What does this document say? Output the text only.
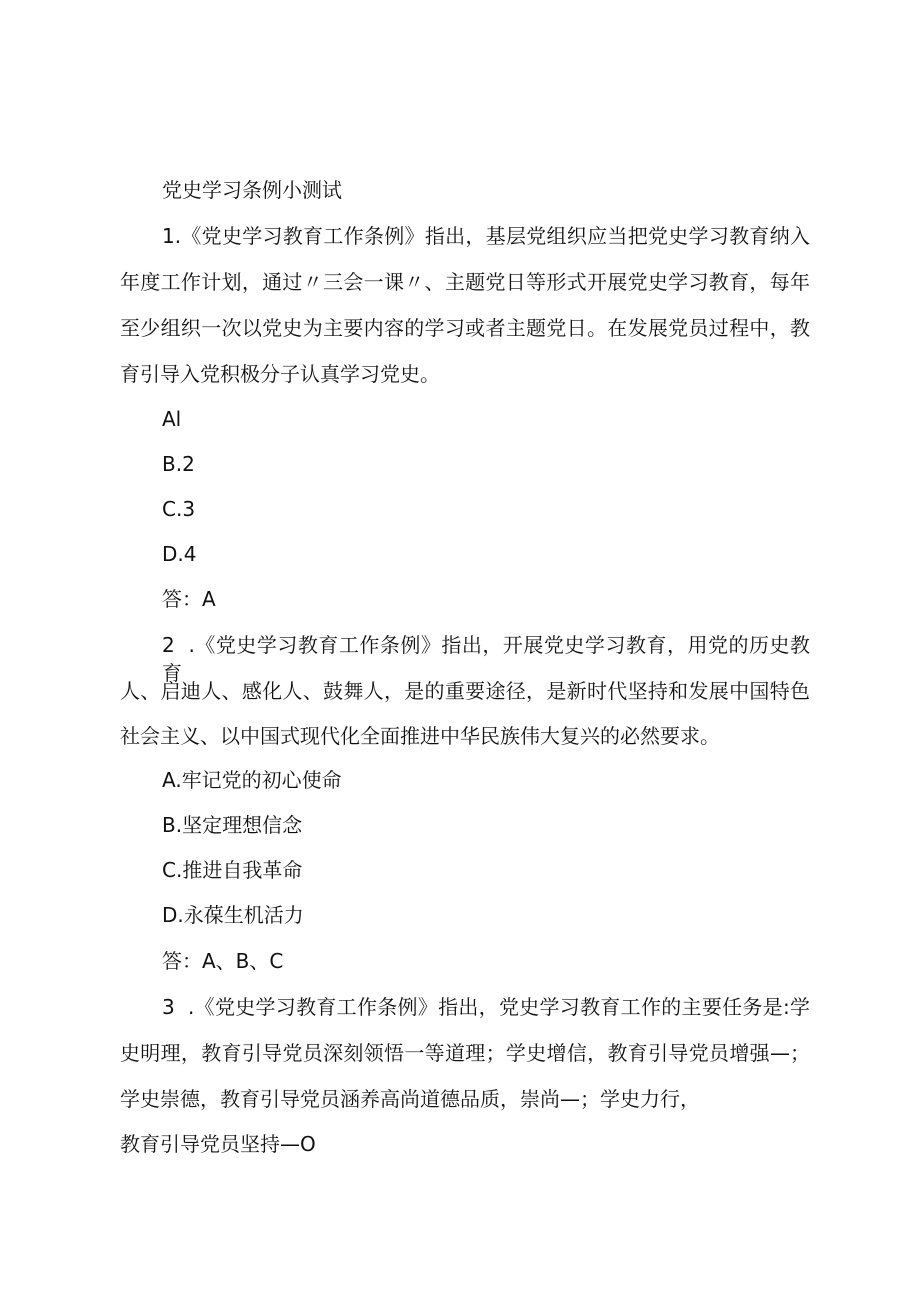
党史学习条例小测试
1.《党史学习教育工作条例》指出，基层党组织应当把党史学习教育纳入
年度工作计划，通过〃三会一课〃、主题党日等形式开展党史学习教育，每年
至少组织一次以党史为主要内容的学习或者主题党日。在发展党员过程中，教
育引导入党积极分子认真学习党史。
Al
B.2
C.3
D.4
答：A
2  .《党史学习教育工作条例》指出，开展党史学习教育，用党的历史教育
人、启迪人、感化人、鼓舞人，是的重要途径，是新时代坚持和发展中国特色
社会主义、以中国式现代化全面推进中华民族伟大复兴的必然要求。
A.牢记党的初心使命
B.坚定理想信念
C.推进自我革命
D.永葆生机活力
答：A、B、C
3  .《党史学习教育工作条例》指出，党史学习教育工作的主要任务是:学
史明理，教育引导党员深刻领悟一等道理；学史增信，教育引导党员增强—；
学史崇德，教育引导党员涵养高尚道德品质，崇尚—；学史力行，
教育引导党员坚持—O
